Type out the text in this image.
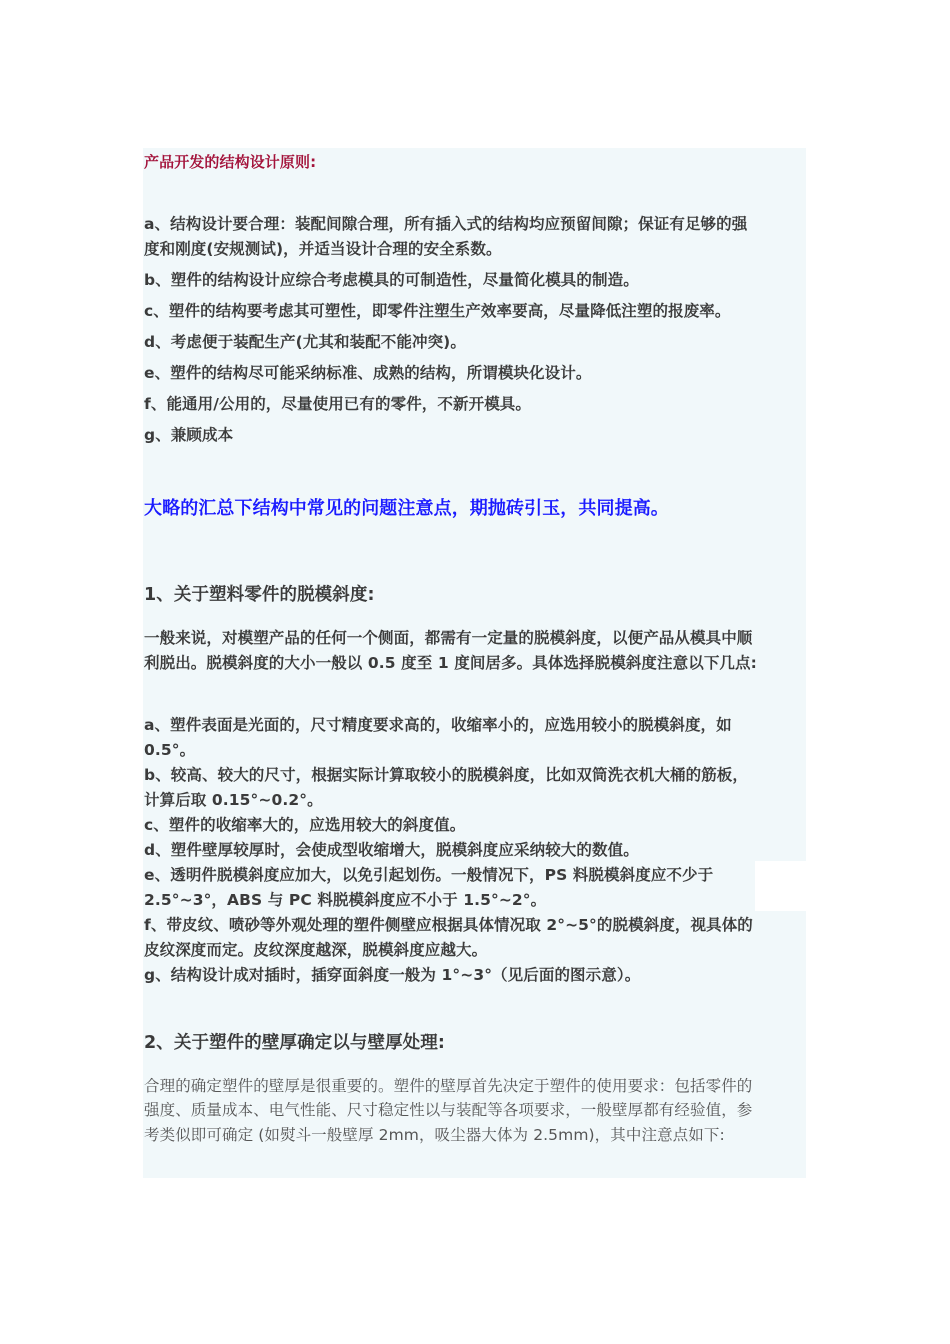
产品开发的结构设计原则:
a、结构设计要合理：装配间隙合理，所有插入式的结构均应预留间隙；保证有足够的强
度和刚度(安规测试)，并适当设计合理的安全系数。
b、塑件的结构设计应综合考虑模具的可制造性，尽量简化模具的制造。
c、塑件的结构要考虑其可塑性，即零件注塑生产效率要高，尽量降低注塑的报废率。
d、考虑便于装配生产(尤其和装配不能冲突)。
e、塑件的结构尽可能采纳标准、成熟的结构，所谓模块化设计。
f、能通用/公用的，尽量使用已有的零件，不新开模具。
g、兼顾成本
大略的汇总下结构中常见的问题注意点，期抛砖引玉，共同提高。
1、关于塑料零件的脱模斜度:
一般来说，对模塑产品的任何一个侧面，都需有一定量的脱模斜度，以便产品从模具中顺
利脱出。脱模斜度的大小一般以 0.5 度至 1 度间居多。具体选择脱模斜度注意以下几点:
a、塑件表面是光面的，尺寸精度要求高的，收缩率小的，应选用较小的脱模斜度，如
0.5°。
b、较高、较大的尺寸，根据实际计算取较小的脱模斜度，比如双筒洗衣机大桶的筋板，
计算后取 0.15°~0.2°。
c、塑件的收缩率大的，应选用较大的斜度值。
d、塑件壁厚较厚时，会使成型收缩增大，脱模斜度应采纳较大的数值。
e、透明件脱模斜度应加大，以免引起划伤。一般情况下，PS 料脱模斜度应不少于
2.5°~3°，ABS 与 PC 料脱模斜度应不小于 1.5°~2°。
f、带皮纹、喷砂等外观处理的塑件侧壁应根据具体情况取 2°~5°的脱模斜度，视具体的
皮纹深度而定。皮纹深度越深，脱模斜度应越大。
g、结构设计成对插时，插穿面斜度一般为 1°~3°（见后面的图示意）。
2、关于塑件的壁厚确定以与壁厚处理:
合理的确定塑件的壁厚是很重要的。塑件的壁厚首先决定于塑件的使用要求：包括零件的
强度、质量成本、电气性能、尺寸稳定性以与装配等各项要求，一般壁厚都有经验值，参
考类似即可确定 (如熨斗一般壁厚 2mm，吸尘器大体为 2.5mm)，其中注意点如下:
